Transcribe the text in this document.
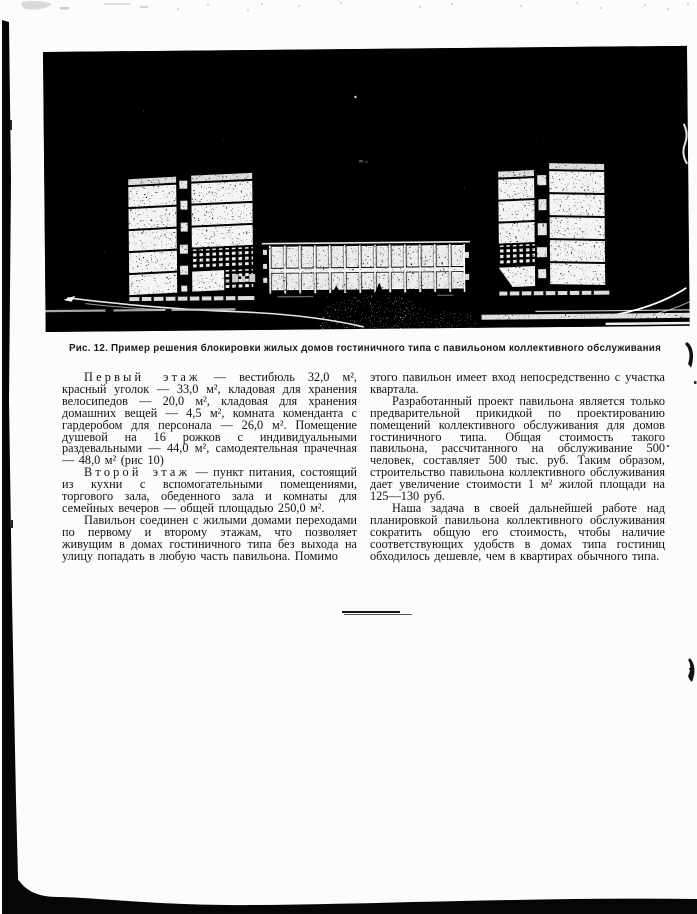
Рис. 12. Пример решения блокировки жилых домов гостиничного типа с павильоном коллективного обслуживания

Первый этаж — вестибюль 32,0 м², красный уголок — 33,0 м², кладовая для хранения велосипедов — 20,0 м², кладовая для хранения домашних вещей — 4,5 м², комната коменданта с гардеробом для персонала — 26,0 м². Помещение душевой на 16 рожков с индивидуальными раздевальными — 44,0 м², самодеятельная прачечная — 48,0 м² (рис 10)

Второй этаж — пункт питания, состоящий из кухни с вспомогательными помещениями, торгового зала, обеденного зала и комнаты для семейных вечеров — общей площадью 250,0 м².

Павильон соединен с жилыми домами переходами по первому и второму этажам, что позволяет живущим в домах гостиничного типа без выхода на улицу попадать в любую часть павильона. Помимо

этого павильон имеет вход непосредственно с участка квартала.

Разработанный проект павильона является только предварительной прикидкой по проектированию помещений коллективного обслуживания для домов гостиничного типа. Общая стоимость такого павильона, рассчитанного на обслуживание 500 человек, составляет 500 тыс. руб. Таким образом, строительство павильона коллективного обслуживания дает увеличение стоимости 1 м² жилой площади на 125—130 руб.

Наша задача в своей дальнейшей работе над планировкой павильона коллективного обслуживания сократить общую его стоимость, чтобы наличие соответствующих удобств в домах типа гостиниц обходилось дешевле, чем в квартирах обычного типа.
